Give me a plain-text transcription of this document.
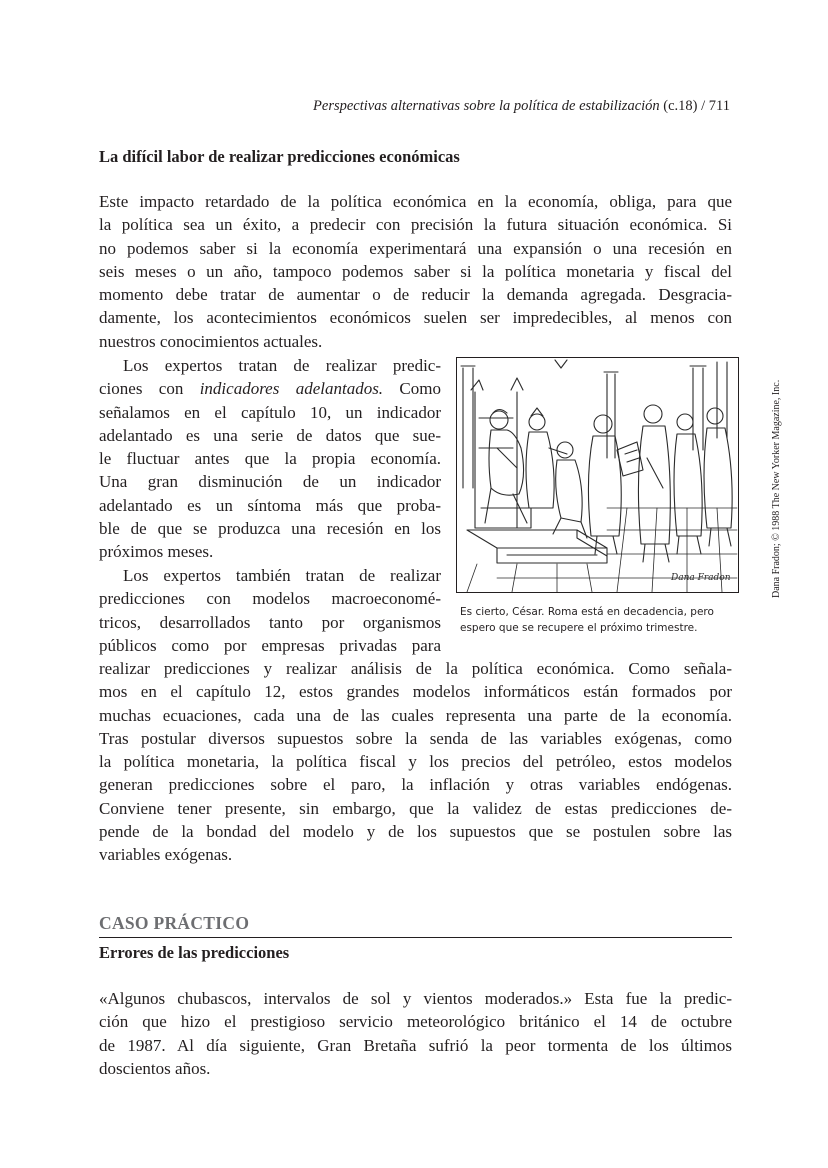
Perspectivas alternativas sobre la política de estabilización (c.18) / 711
La difícil labor de realizar predicciones económicas

Este impacto retardado de la política económica en la economía, obliga, para que
la política sea un éxito, a predecir con precisión la futura situación económica. Si
no podemos saber si la economía experimentará una expansión o una recesión en
seis meses o un año, tampoco podemos saber si la política monetaria y fiscal del
momento debe tratar de aumentar o de reducir la demanda agregada. Desgracia-
damente, los acontecimientos económicos suelen ser impredecibles, al menos con
nuestros conocimientos actuales.

Los expertos tratan de realizar predic-
ciones con indicadores adelantados. Como
señalamos en el capítulo 10, un indicador
adelantado es una serie de datos que sue-
le fluctuar antes que la propia economía.
Una gran disminución de un indicador
adelantado es un síntoma más que proba-
ble de que se produzca una recesión en los
próximos meses.

Los expertos también tratan de realizar
predicciones con modelos macroeconomé-
tricos, desarrollados tanto por organismos
públicos como por empresas privadas para

realizar predicciones y realizar análisis de la política económica. Como señala-
mos en el capítulo 12, estos grandes modelos informáticos están formados por
muchas ecuaciones, cada una de las cuales representa una parte de la economía.
Tras postular diversos supuestos sobre la senda de las variables exógenas, como
la política monetaria, la política fiscal y los precios del petróleo, estos modelos
generan predicciones sobre el paro, la inflación y otras variables endógenas.
Conviene tener presente, sin embargo, que la validez de estas predicciones de-
pende de la bondad del modelo y de los supuestos que se postulen sobre las
variables exógenas.

Dana Fradon

Es cierto, César. Roma está en decadencia, pero
espero que se recupere el próximo trimestre.

Dana Fradon; © 1988 The New Yorker Magazine, Inc.
CASO PRÁCTICO
Errores de las predicciones

«Algunos chubascos, intervalos de sol y vientos moderados.» Esta fue la predic-
ción que hizo el prestigioso servicio meteorológico británico el 14 de octubre
de 1987. Al día siguiente, Gran Bretaña sufrió la peor tormenta de los últimos
doscientos años.
